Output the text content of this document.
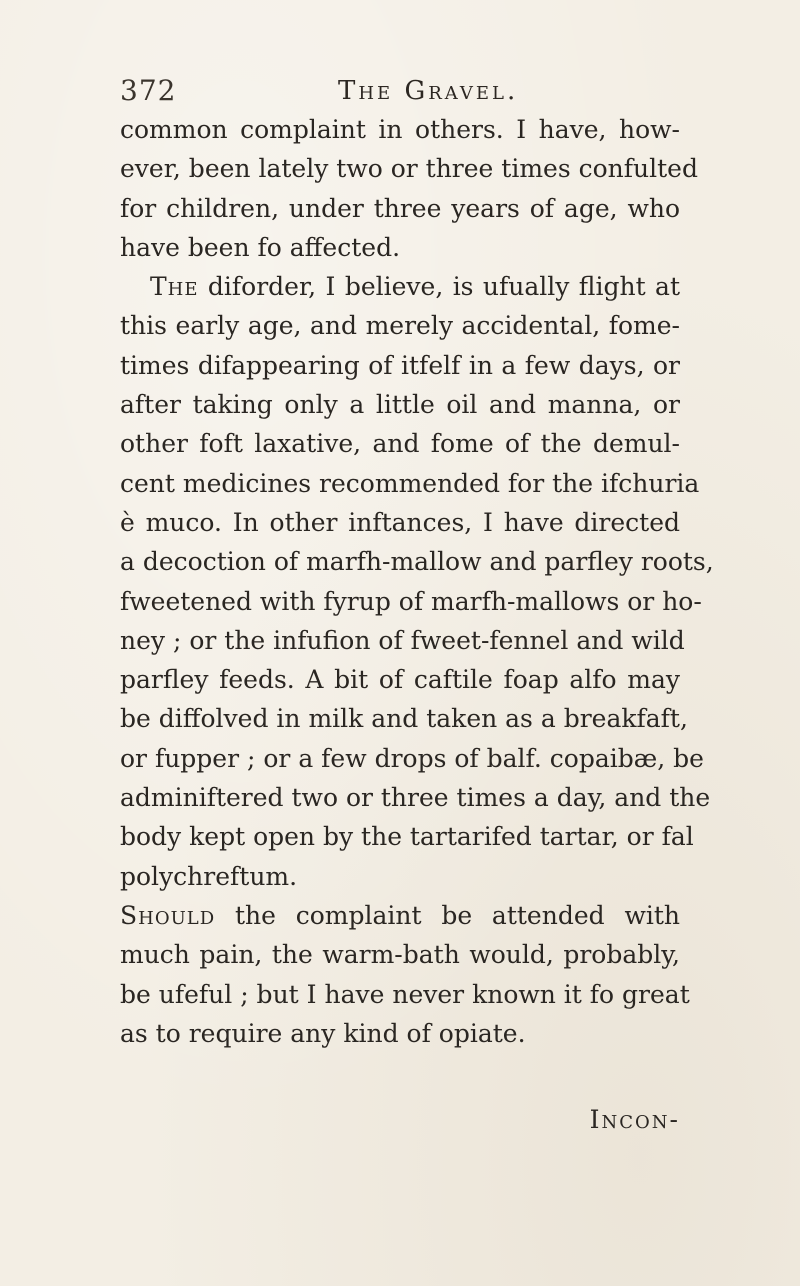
372	The Gravel.
common complaint in others. I have, how-
ever, been lately two or three times confulted
for children, under three years of age, who
have been fo affected.
The diforder, I believe, is ufually flight at
this early age, and merely accidental, fome-
times difappearing of itfelf in a few days, or
after taking only a little oil and manna, or
other foft laxative, and fome of the demul-
cent medicines recommended for the ifchuria
è muco. In other inftances, I have directed
a decoction of marfh-mallow and parfley roots,
fweetened with fyrup of marfh-mallows or ho-
ney ; or the infufion of fweet-fennel and wild
parfley feeds. A bit of caftile foap alfo may
be diffolved in milk and taken as a breakfaft,
or fupper ; or a few drops of balf. copaibæ, be
adminiftered two or three times a day, and the
body kept open by the tartarifed tartar, or fal
polychreftum.
Should the complaint be attended with
much pain, the warm-bath would, probably,
be ufeful ; but I have never known it fo great
as to require any kind of opiate.
Incon-
